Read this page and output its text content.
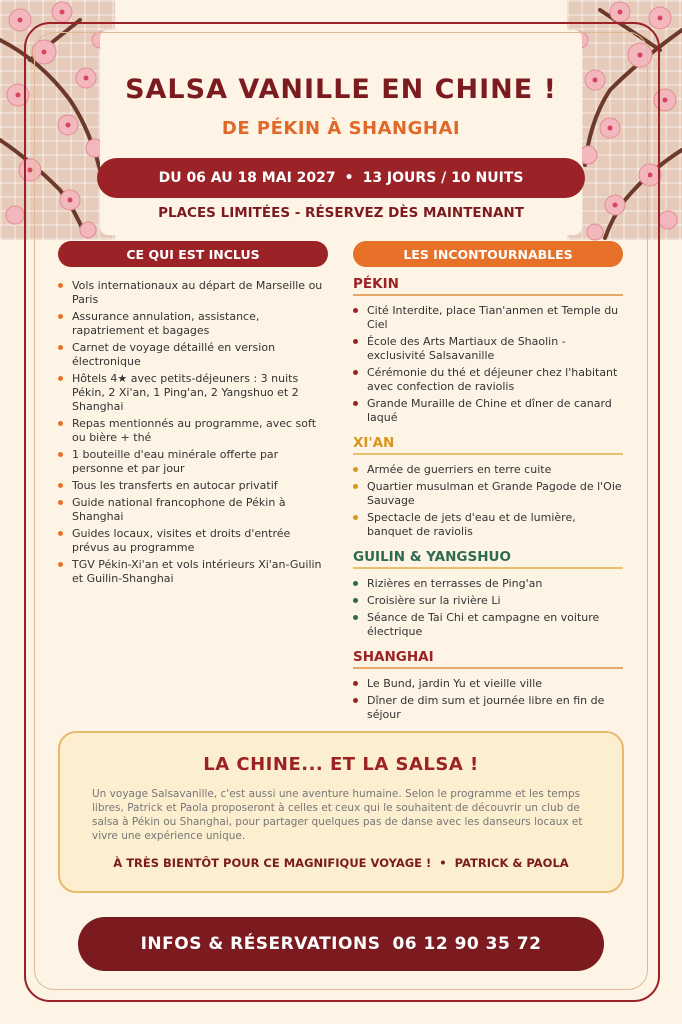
SALSA VANILLE EN CHINE !
DE PÉKIN À SHANGHAI
DU 06 AU 18 MAI 2027 • 13 JOURS / 10 NUITS
PLACES LIMITÉES - RÉSERVEZ DÈS MAINTENANT
CE QUI EST INCLUS	LES INCONTOURNABLES
Vols internationaux au départ de Marseille ou Paris
Assurance annulation, assistance, rapatriement et bagages
Carnet de voyage détaillé en version électronique
Hôtels 4★ avec petits-déjeuners : 3 nuits Pékin, 2 Xi'an, 1 Ping'an, 2 Yangshuo et 2 Shanghai
Repas mentionnés au programme, avec soft ou bière + thé
1 bouteille d'eau minérale offerte par personne et par jour
Tous les transferts en autocar privatif
Guide national francophone de Pékin à Shanghai
Guides locaux, visites et droits d'entrée prévus au programme
TGV Pékin-Xi'an et vols intérieurs Xi'an-Guilin et Guilin-Shanghai
PÉKIN
Cité Interdite, place Tian'anmen et Temple du Ciel
École des Arts Martiaux de Shaolin - exclusivité Salsavanille
Cérémonie du thé et déjeuner chez l'habitant avec confection de raviolis
Grande Muraille de Chine et dîner de canard laqué
XI'AN
Armée de guerriers en terre cuite
Quartier musulman et Grande Pagode de l'Oie Sauvage
Spectacle de jets d'eau et de lumière, banquet de raviolis
GUILIN & YANGSHUO
Rizières en terrasses de Ping'an
Croisière sur la rivière Li
Séance de Tai Chi et campagne en voiture électrique
SHANGHAI
Le Bund, jardin Yu et vieille ville
Dîner de dim sum et journée libre en fin de séjour
LA CHINE... ET LA SALSA !
Un voyage Salsavanille, c'est aussi une aventure humaine. Selon le programme et les temps libres, Patrick et Paola proposeront à celles et ceux qui le souhaitent de découvrir un club de salsa à Pékin ou Shanghai, pour partager quelques pas de danse avec les danseurs locaux et vivre une expérience unique.
À TRÈS BIENTÔT POUR CE MAGNIFIQUE VOYAGE ! • PATRICK & PAOLA
INFOS & RÉSERVATIONS 06 12 90 35 72
